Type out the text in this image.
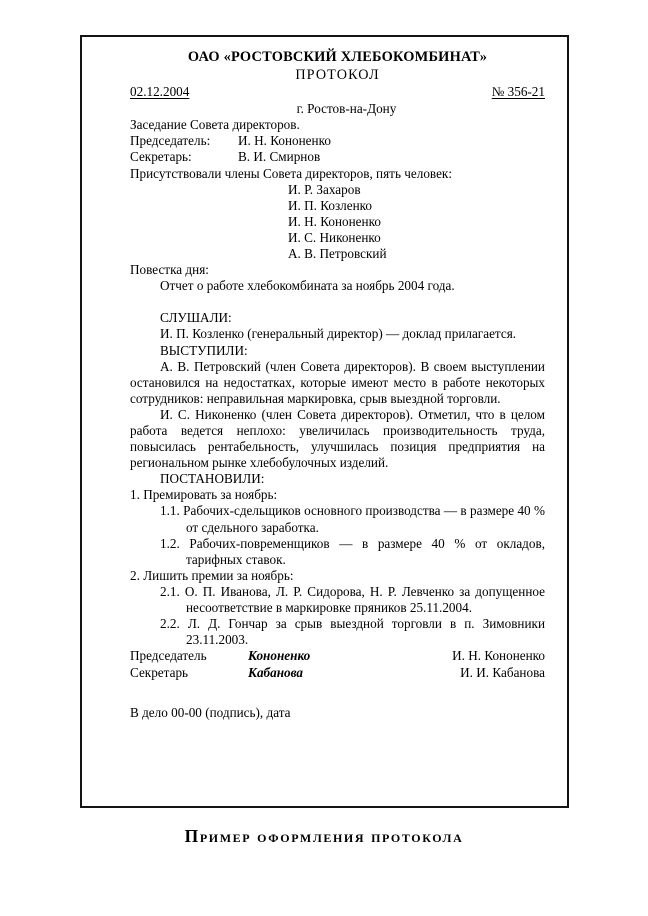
ОАО «РОСТОВСКИЙ ХЛЕБОКОМБИНАТ»
ПРОТОКОЛ
02.12.2004	№ 356-21
г. Ростов-на-Дону
Заседание Совета директоров.
Председатель: И. Н. Кононенко
Секретарь:	В. И. Смирнов
Присутствовали члены Совета директоров, пять человек:
И. Р. Захаров
И. П. Козленко
И. Н. Кононенко
И. С. Никоненко
А. В. Петровский
Повестка дня:
Отчет о работе хлебокомбината за ноябрь 2004 года.
СЛУШАЛИ:
И. П. Козленко (генеральный директор) — доклад прилагается.
ВЫСТУПИЛИ:
А. В. Петровский (член Совета директоров). В своем выступлении остановился на недостатках, которые имеют место в работе некоторых сотрудников: неправильная маркировка, срыв выездной торговли.
И. С. Никоненко (член Совета директоров). Отметил, что в целом работа ведется неплохо: увеличилась производительность труда, повысилась рентабельность, улучшилась позиция предприятия на региональном рынке хлебобулочных изделий.
ПОСТАНОВИЛИ:
1. Премировать за ноябрь:
1.1. Рабочих-сдельщиков основного производства — в размере 40 % от сдельного заработка.
1.2. Рабочих-повременщиков — в размере 40 % от окладов, тарифных ставок.
2. Лишить премии за ноябрь:
2.1. О. П. Иванова, Л. Р. Сидорова, Н. Р. Левченко за допущенное несоответствие в маркировке пряников 25.11.2004.
2.2. Л. Д. Гончар за срыв выездной торговли в п. Зимовники 23.11.2003.
Председатель	Кононенко	И. Н. Кононенко
Секретарь	Кабанова	И. И. Кабанова
В дело 00-00 (подпись), дата
Пример оформления протокола
